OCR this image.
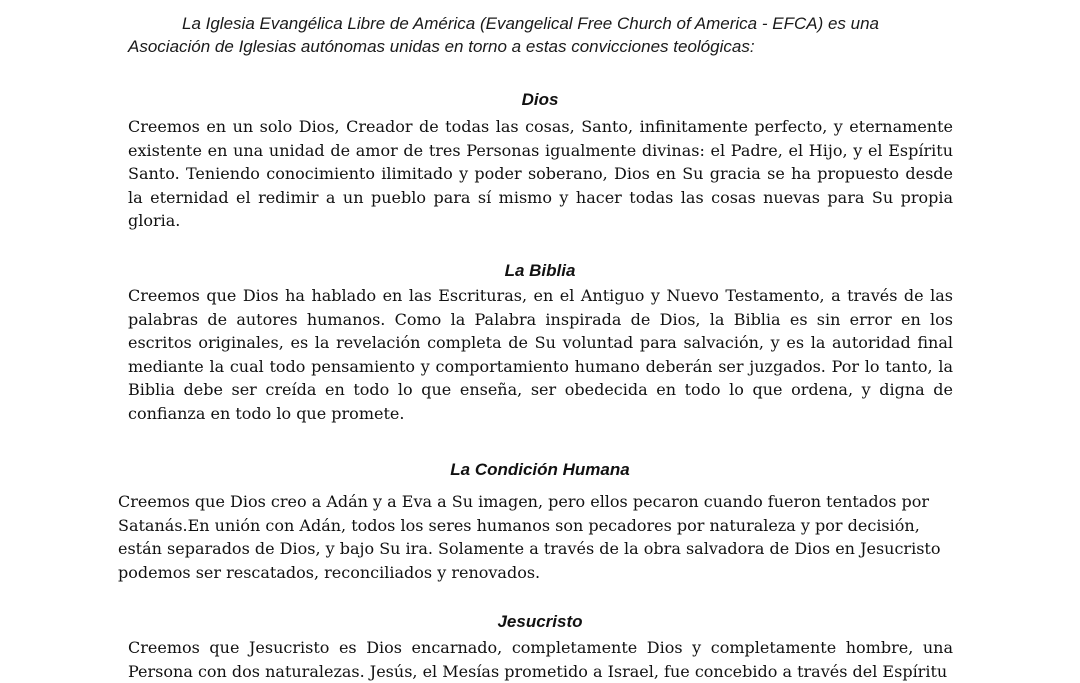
La Iglesia Evangélica Libre de América (Evangelical Free Church of America - EFCA) es una
Asociación de Iglesias autónomas unidas en torno a estas convicciones teológicas:
Dios

Creemos en un solo Dios, Creador de todas las cosas, Santo, infinitamente perfecto, y eternamente existente en una unidad de amor de tres Personas igualmente divinas: el Padre, el Hijo, y el Espíritu Santo. Teniendo conocimiento ilimitado y poder soberano, Dios en Su gracia se ha propuesto desde la eternidad el redimir a un pueblo para sí mismo y hacer todas las cosas nuevas para Su propia gloria.

La Biblia

Creemos que Dios ha hablado en las Escrituras, en el Antiguo y Nuevo Testamento, a través de las palabras de autores humanos. Como la Palabra inspirada de Dios, la Biblia es sin error en los escritos originales, es la revelación completa de Su voluntad para salvación, y es la autoridad final mediante la cual todo pensamiento y comportamiento humano deberán ser juzgados. Por lo tanto, la Biblia debe ser creída en todo lo que enseña, ser obedecida en todo lo que ordena, y digna de confianza en todo lo que promete.

La Condición Humana

Creemos que Dios creo a Adán y a Eva a Su imagen, pero ellos pecaron cuando fueron tentados por Satanás.En unión con Adán, todos los seres humanos son pecadores por naturaleza y por decisión, están separados de Dios, y bajo Su ira. Solamente a través de la obra salvadora de Dios en Jesucristo podemos ser rescatados, reconciliados y renovados.

Jesucristo

Creemos que Jesucristo es Dios encarnado, completamente Dios y completamente hombre, una Persona con dos naturalezas. Jesús, el Mesías prometido a Israel, fue concebido a través del Espíritu
